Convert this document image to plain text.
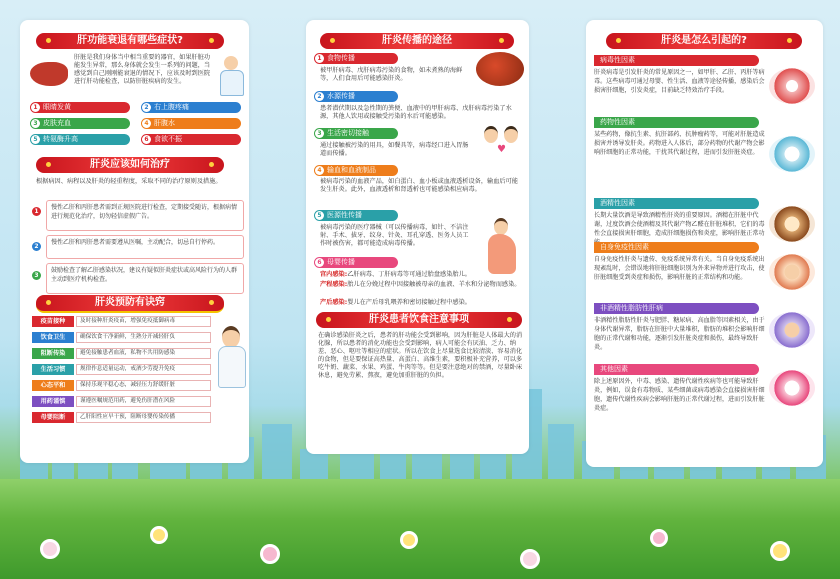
肝功能衰退有哪些症状?
肝脏是我们身体当中相当重要的器官，如果肝脏功能发生异常，那么身体就会发生一系列的问题，当感觉到自己刚刚能衰退的情况下，应该及时到医院进行肝功能检查，以防肝脏疾病的发生。
1 眼睛发黄	2 右上腹疼痛
3 皮肤充血	4 肝腹水
5 转氨酶升高	6 食欲不振
肝炎应该如何治疗
根据病因、病程以及肝炎的轻重程度，采取不同的治疗原则及措施。
1
慢性乙肝和丙肝患者需到正规医院进行检查，定期接受随访，根据病情进行规范化治疗，切勿轻信虚假广告。
2
慢性乙肝和丙肝患者需要遵从医嘱，主动配合，切忌自行停药。
3
鼓励检查了解乙肝感染状况，建议有疑似肝炎症状或高风险行为的人群主动到医疗机构检查。
肝炎预防有诀窍
疫苗接种	及时接种肝炎疫苗，增强免疫抵御病毒
饮食卫生	确保饮食干净新鲜，生熟分开减轻肝负
阻断传染	避免接触患者血液，私物不共用防感染
生活习惯	规律作息适量运动，戒酒少劳提升免疫
心态平和	保持乐观平稳心态，减轻压力舒缓肝脏
用药谨慎	谨遵医嘱规范用药，避免伤肝潜在风险
母婴阻断	乙肝阳性应早干预，阻断母婴传染传播
肝炎传播的途径
1 食物传播
被甲肝病毒、戊肝病毒污染的食物，如未煮熟的海鲜等，人们食用后可能感染肝炎。
2 水源传播
患者潜伏期以及急性期的粪便、血液中的甲肝病毒、戊肝病毒污染了水源，其他人饮用或接触受污染的水后可能感染。
3 生活密切接触
通过接触被污染的用具，如餐具等，病毒经口进入胃肠道而传播。	♥
4 输血和血液制品
被病毒污染的血液产品，如白蛋白、血小板或血液透析设备，输血后可能发生肝炎。此外，血液透析和肾透析也可能感染相应病毒。
5 医源性传播
被病毒污染的医疗器械（可以传播病毒，如针、不洁注射、手术、拔牙、纹身、针灸、耳孔穿透、医务人员工作时被伤害，都可能造成病毒传播。
6 母婴传播
宫内感染:乙肝病毒、丁肝病毒等可通过胎盘感染胎儿。
产程感染:胎儿在分娩过程中因接触被母亲的血液、羊水和分泌物而感染。
产后感染:婴儿在产后母乳喂养和密切接触过程中感染。
肝炎患者饮食注意事项
在确诊感染肝炎之后，患者的肝功能会受到影响，因为肝脏是人体最大的消化腺，所以患者的消化功能也会受到影响，病人可能会有厌油、乏力、纳差、恶心、呕吐等相应的症状。所以在饮食上尽量选食比较清淡、容易消化的食物，但是要保证高热量、高蛋白、高维生素，要积极补充营养，可以多吃牛奶、蔬菜、水果、鸡蛋、牛肉等等。但是要注意绝对的禁酒，尽量卧床休息，避免劳累、熬夜，避免加重肝脏的负担。
肝炎是怎么引起的?
病毒性因素
肝炎病毒是引发肝炎的常见原因之一，如甲肝、乙肝、丙肝等病毒。这些病毒可通过母婴、性生活、血液等途径传播，感染后会损害肝细胞，引发炎症，目前缺乏特效治疗手段。
药物性因素
某些药物，像抗生素、抗肝部药、抗肿瘤药等，可能对肝脏造成损害并诱导发肝炎。药物进入人体后，部分药物的代谢产物会影响肝细胞的正常功能，干扰其代谢过程，进而引发肝脏炎症。
酒精性因素
长期大量饮酒是导致酒精性肝炎的重要原因。酒精在肝脏中代谢，过度饮酒会使酒精及其代谢产物乙醛在肝脏堆积，它们的毒性会直接损害肝细胞，造成肝细胞损伤和炎症，影响肝脏正常功
自身免疫性因素
自身免疫性肝炎与遗传、免疫系统异常有关。当自身免疫系统出现紊乱时，会错误地将肝脏细胞识别为外来异物并进行攻击，使肝脏细胞受到炎症和损伤，影响肝脏的正常结构和功能。
非酒精性脂肪性肝病
非酒精性脂肪性肝炎与肥胖、糖尿病、高血脂等因素相关，由于身体代谢异常，脂肪在肝脏中大量堆积，脂肪的堆积会影响肝细胞的正常代谢和功能，逐渐引发肝脏炎症和损伤，最终导致肝炎。
其他因素
除上述原因外，中毒、感染、遗传代谢性疾病等也可能导致肝炎，例如，误食有毒物质、某些细菌或病毒感染会直接损害肝细胞，遗传代谢性疾病会影响肝脏的正常代谢过程，进而引发肝脏炎症。
